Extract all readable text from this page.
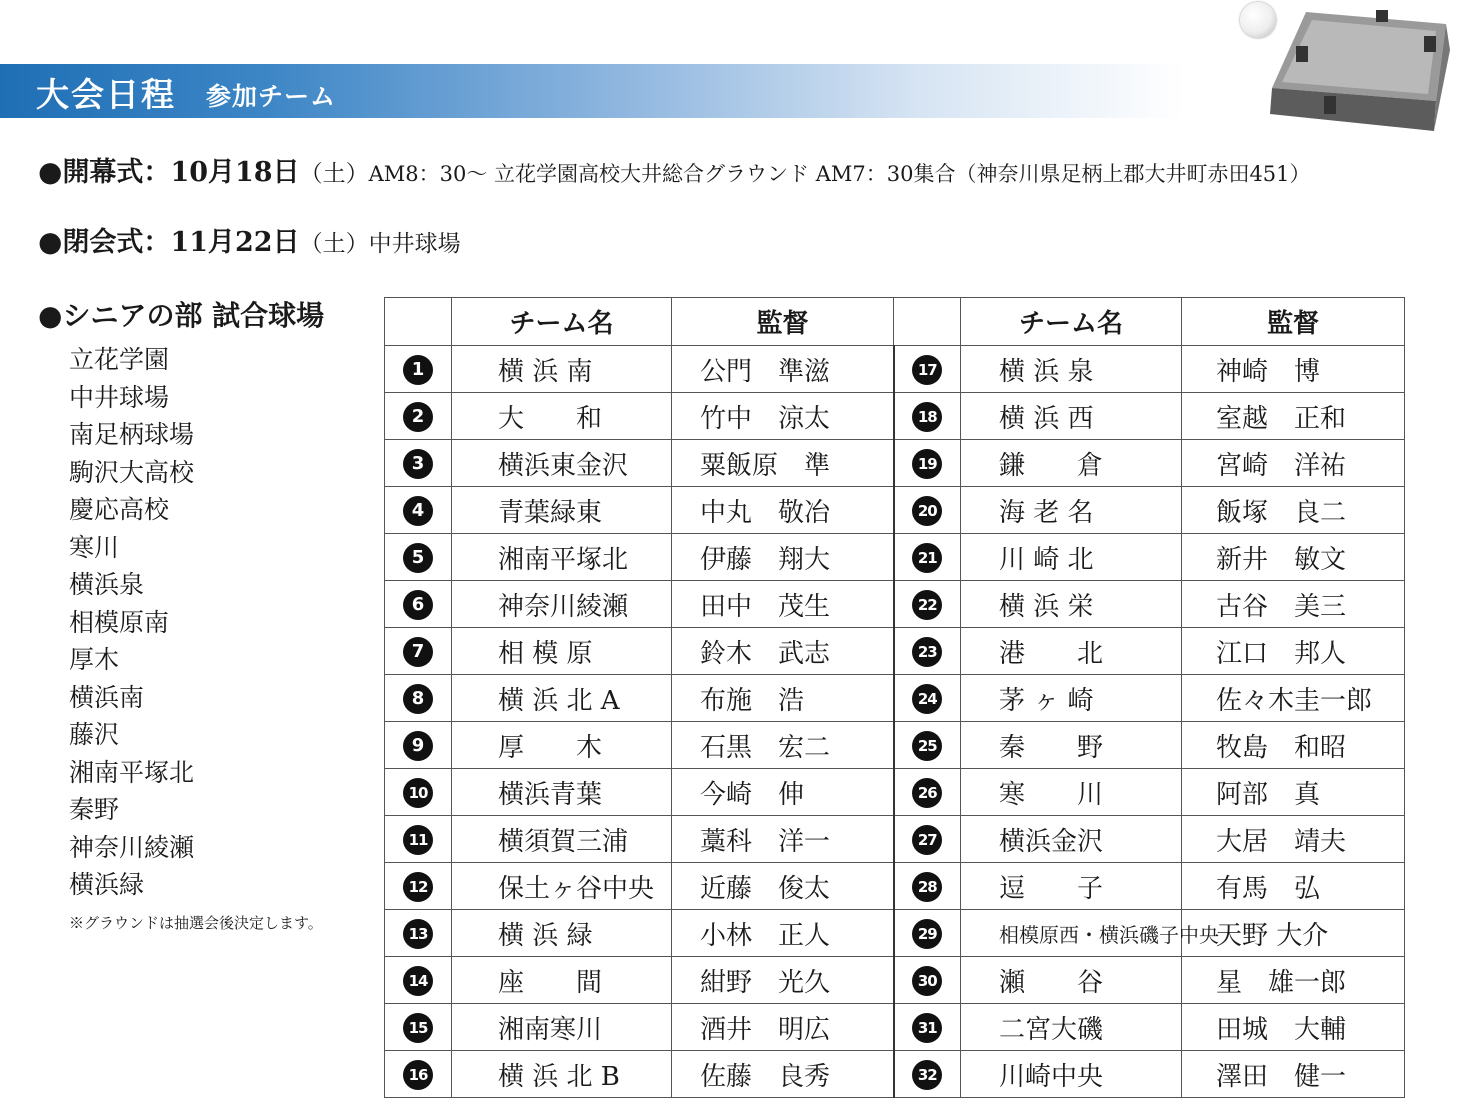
大会日程 参加チーム
●開幕式：10月18日（土）AM8：30～ 立花学園高校大井総合グラウンド AM7：30集合（神奈川県足柄上郡大井町赤田451）
●閉会式：11月22日（土）中井球場
●シニアの部 試合球場
立花学園
中井球場
南足柄球場
駒沢大高校
慶応高校
寒川
横浜泉
相模原南
厚木
横浜南
藤沢
湘南平塚北
秦野
神奈川綾瀬
横浜緑
※グラウンドは抽選会後決定します。
	チーム名	監督		チーム名	監督
1	横 浜 南	公門　準滋	17	横 浜 泉	神崎　博
2	大　　和	竹中　涼太	18	横 浜 西	室越　正和
3	横浜東金沢	粟飯原　準	19	鎌　　倉	宮崎　洋祐
4	青葉緑東	中丸　敬冶	20	海 老 名	飯塚　良二
5	湘南平塚北	伊藤　翔大	21	川 崎 北	新井　敏文
6	神奈川綾瀬	田中　茂生	22	横 浜 栄	古谷　美三
7	相 模 原	鈴木　武志	23	港　　北	江口　邦人
8	横 浜 北 A	布施　浩	24	茅 ヶ 崎	佐々木圭一郎
9	厚　　木	石黒　宏二	25	秦　　野	牧島　和昭
10	横浜青葉	今崎　伸	26	寒　　川	阿部　真
11	横須賀三浦	藁科　洋一	27	横浜金沢	大居　靖夫
12	保土ヶ谷中央	近藤　俊太	28	逗　　子	有馬　弘
13	横 浜 緑	小林　正人	29	相模原西・横浜磯子中央	天野 大介
14	座　　間	紺野　光久	30	瀬　　谷	星　雄一郎
15	湘南寒川	酒井　明広	31	二宮大磯	田城　大輔
16	横 浜 北 B	佐藤　良秀	32	川崎中央	澤田　健一
